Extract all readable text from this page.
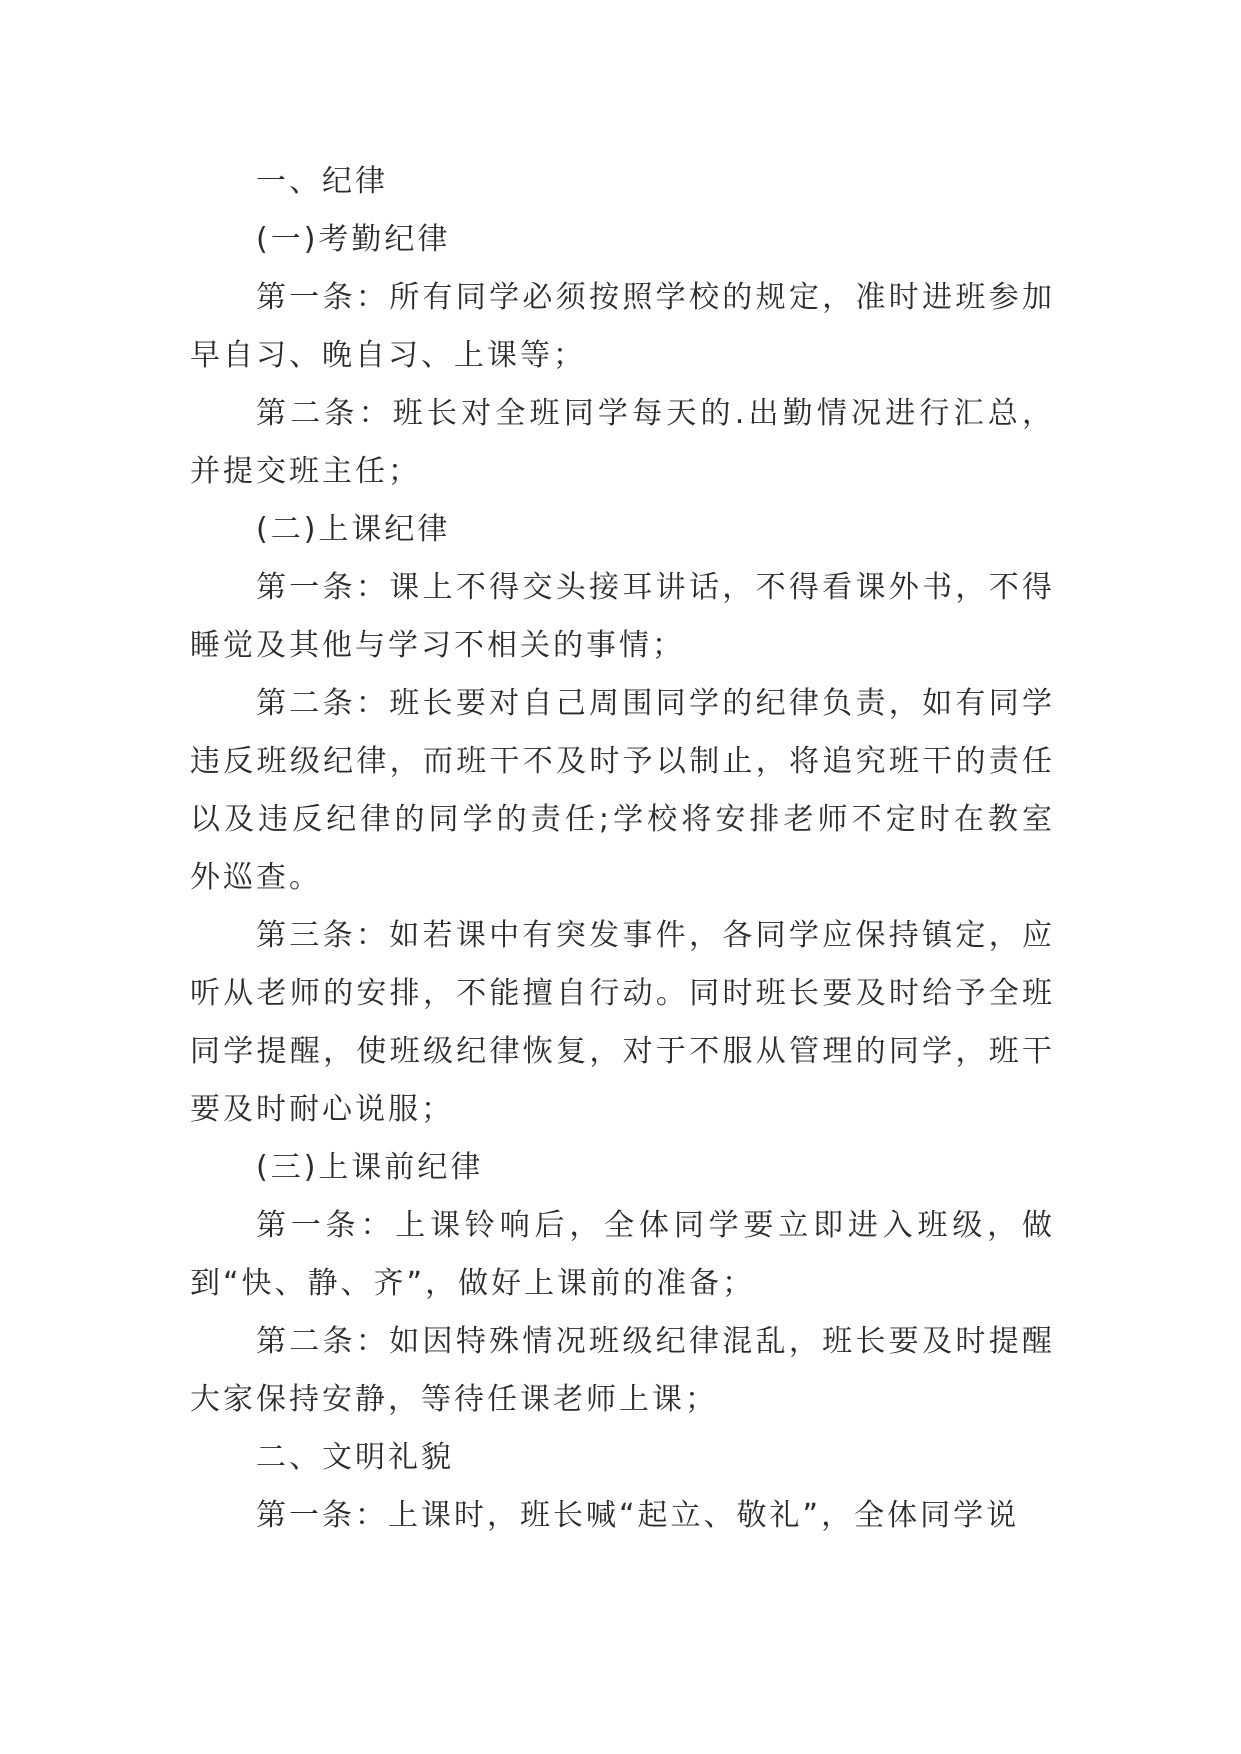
一、纪律

(一)考勤纪律

第一条：所有同学必须按照学校的规定，准时进班参加早自习、晚自习、上课等；

第二条：班长对全班同学每天的.出勤情况进行汇总，并提交班主任；

(二)上课纪律

第一条：课上不得交头接耳讲话，不得看课外书，不得睡觉及其他与学习不相关的事情；

第二条：班长要对自己周围同学的纪律负责，如有同学违反班级纪律，而班干不及时予以制止，将追究班干的责任以及违反纪律的同学的责任;学校将安排老师不定时在教室外巡查。

第三条：如若课中有突发事件，各同学应保持镇定，应听从老师的安排，不能擅自行动。同时班长要及时给予全班同学提醒，使班级纪律恢复，对于不服从管理的同学，班干要及时耐心说服；

(三)上课前纪律

第一条：上课铃响后，全体同学要立即进入班级，做到“快、静、齐”，做好上课前的准备；

第二条：如因特殊情况班级纪律混乱，班长要及时提醒大家保持安静，等待任课老师上课；

二、文明礼貌

第一条：上课时，班长喊“起立、敬礼”，全体同学说
